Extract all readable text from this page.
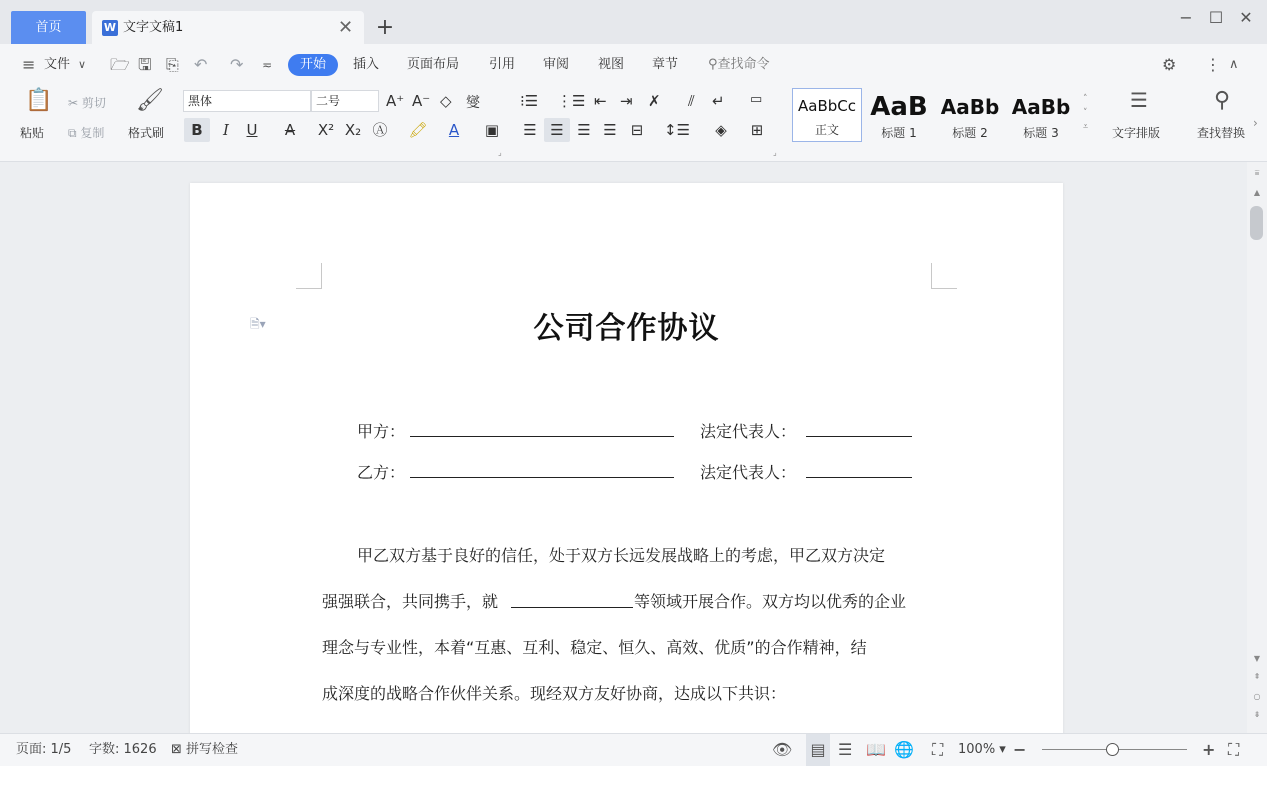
首页	W 文字文稿1	✕ +	− ☐ ✕
≡ 文件 ∨ 🗁 🖫 ⎘ ↶ ↷ ≂	开始	插入 页面布局 引用 审阅 视图 章节 ⚲查找命令	⚙ ⋮ ∧
📋
粘贴
✂ 剪切
⧉ 复制
🖌
格式刷
黑体	二号	A⁺ A⁻ ◇ 燮
B	I	U	A	X² X₂ Ⓐ 🖍	A	▣
⁝☰ ⋮☰ ⇤ ⇥ ✗ ⫽ ↵ ▭
☰ ☰ ☰ ☰ ⊟	↕☰	◈	⊞
⌟	⌟
AaBbCc
正文
AaB
标题 1
AaBb
标题 2
AaBb
标题 3
˄
˅
⩡
☰
文字排版
⚲
查找替换
›
🗎▾	公司合作协议
甲方：	法定代表人：
乙方：	法定代表人：
甲乙双方基于良好的信任，处于双方长远发展战略上的考虑，甲乙双方决定
强强联合，共同携手，就	等领域开展合作。双方均以优秀的企业
理念与专业性，本着“互惠、互利、稳定、恒久、高效、优质”的合作精神，结
成深度的战略合作伙伴关系。现经双方友好协商，达成以下共识：
⩸
▲
▼
⇞
○
⇟
页面: 1/5 字数: 1626 ⊠ 拼写检查	👁 ▤ ☰ 📖 🌐 ⛶ 100% ▾ −	+ ⛶
